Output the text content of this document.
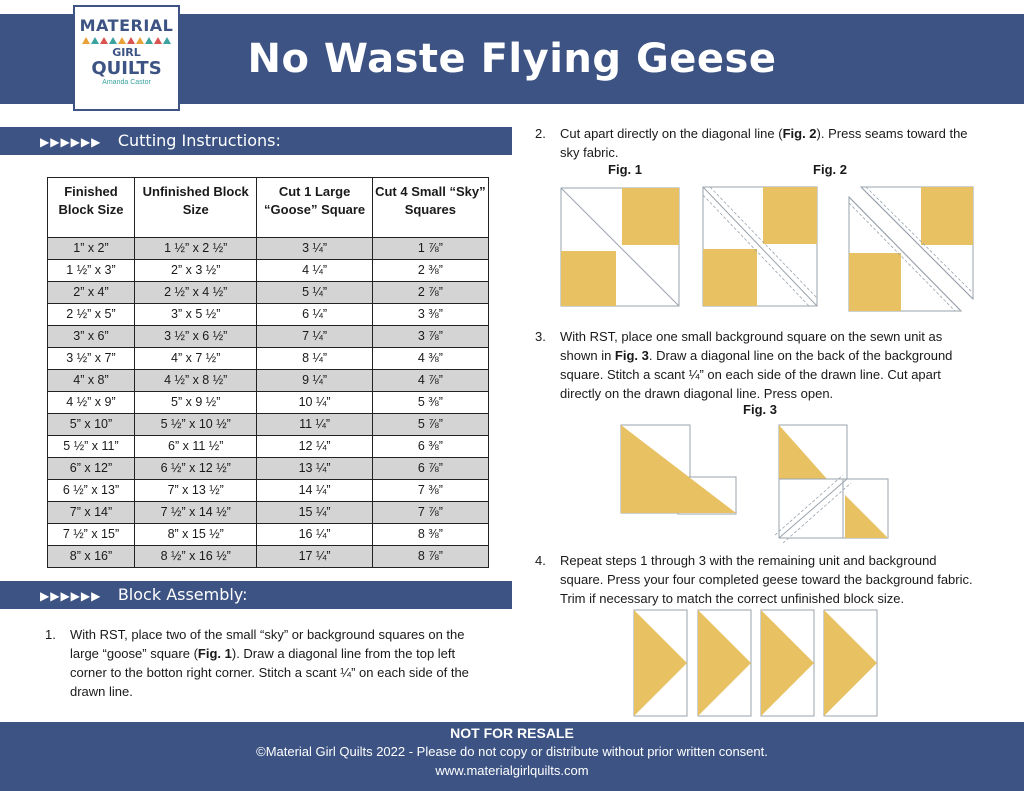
MATERIAL
GIRL
QUILTS
Amanda Castor
No Waste Flying Geese
▶▶▶▶▶▶ Cutting Instructions:
Finished Block Size	Unfinished Block Size	Cut 1 Large “Goose” Square	Cut 4 Small “Sky” Squares
1” x 2”	1 ½” x 2 ½”	3 ¼”	1 ⅞”
1 ½” x 3”	2” x 3 ½”	4 ¼”	2 ⅜”
2” x 4”	2 ½” x 4 ½”	5 ¼”	2 ⅞”
2 ½” x 5”	3” x 5 ½”	6 ¼”	3 ⅜”
3” x 6”	3 ½” x 6 ½”	7 ¼”	3 ⅞”
3 ½” x 7”	4” x 7 ½”	8 ¼”	4 ⅜”
4” x 8”	4 ½” x 8 ½”	9 ¼”	4 ⅞”
4 ½” x 9”	5” x 9 ½”	10 ¼”	5 ⅜”
5” x 10”	5 ½” x 10 ½”	11 ¼”	5 ⅞”
5 ½” x 11”	6” x 11 ½”	12 ¼”	6 ⅜”
6” x 12”	6 ½” x 12 ½”	13 ¼”	6 ⅞”
6 ½” x 13”	7” x 13 ½”	14 ¼”	7 ⅜”
7” x 14”	7 ½” x 14 ½”	15 ¼”	7 ⅞”
7 ½” x 15”	8” x 15 ½”	16 ¼”	8 ⅜”
8” x 16”	8 ½” x 16 ½”	17 ¼”	8 ⅞”
▶▶▶▶▶▶ Block Assembly:
1. With RST, place two of the small “sky” or background squares on the large “goose” square (Fig. 1). Draw a diagonal line from the top left corner to the botton right corner. Stitch a scant ¼” on each side of the drawn line.
2. Cut apart directly on the diagonal line (Fig. 2). Press seams toward the sky fabric.
Fig. 1	Fig. 2
3. With RST, place one small background square on the sewn unit as shown in Fig. 3. Draw a diagonal line on the back of the background square. Stitch a scant ¼” on each side of the drawn line. Cut apart directly on the drawn diagonal line. Press open.
Fig. 3
4. Repeat steps 1 through 3 with the remaining unit and background square. Press your four completed geese toward the background fabric. Trim if necessary to match the correct unfinished block size.
NOT FOR RESALE
©Material Girl Quilts 2022 - Please do not copy or distribute without prior written consent.
www.materialgirlquilts.com
